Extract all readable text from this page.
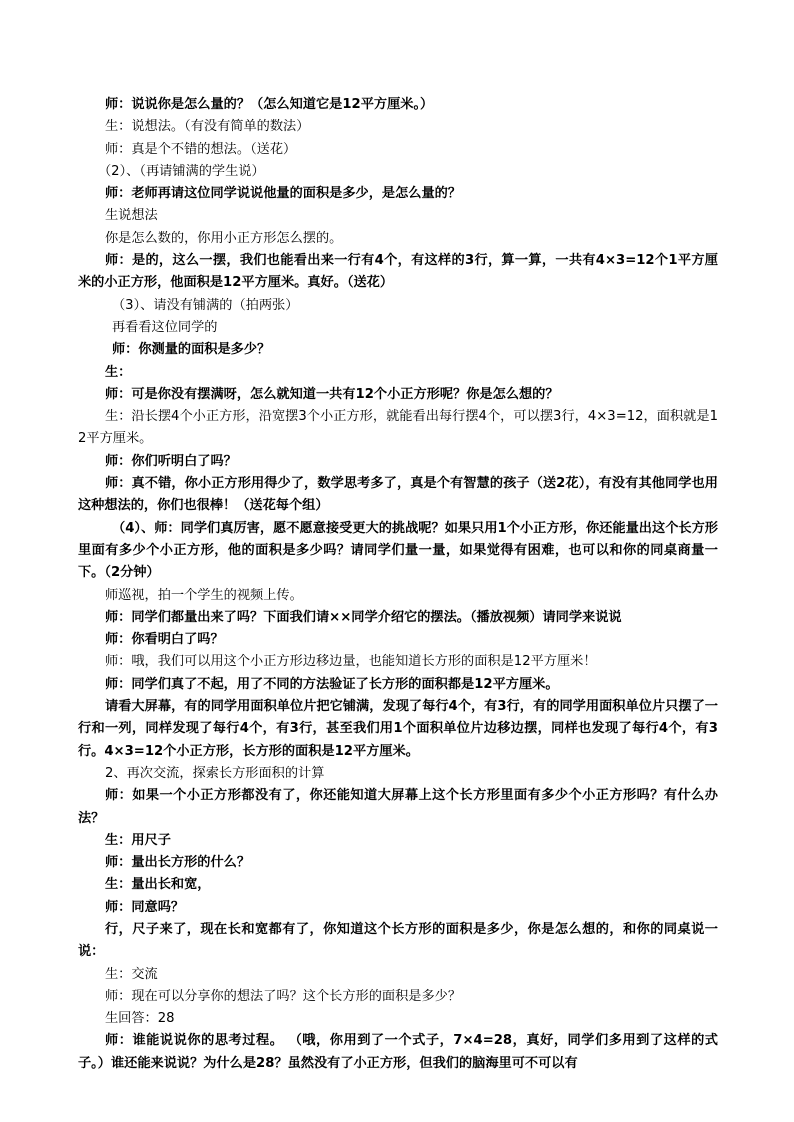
师：说说你是怎么量的？（怎么知道它是12平方厘米。）

生：说想法。（有没有简单的数法）

师：真是个不错的想法。（送花）

（2）、（再请铺满的学生说）

师：老师再请这位同学说说他量的面积是多少，是怎么量的？

生说想法

你是怎么数的，你用小正方形怎么摆的。

师：是的，这么一摆，我们也能看出来一行有4个，有这样的3行，算一算，一共有4×3=12个1平方厘米的小正方形，他面积是12平方厘米。真好。（送花）

（3）、请没有铺满的（拍两张）

再看看这位同学的

师：你测量的面积是多少？

生：

师：可是你没有摆满呀，怎么就知道一共有12个小正方形呢？你是怎么想的？

生：沿长摆4个小正方形，沿宽摆3个小正方形，就能看出每行摆4个，可以摆3行，4×3=12，面积就是12平方厘米。

师：你们听明白了吗？

师：真不错，你小正方形用得少了，数学思考多了，真是个有智慧的孩子（送2花），有没有其他同学也用这种想法的，你们也很棒！（送花每个组）

（4）、师：同学们真厉害，愿不愿意接受更大的挑战呢？如果只用1个小正方形，你还能量出这个长方形里面有多少个小正方形，他的面积是多少吗？请同学们量一量，如果觉得有困难，也可以和你的同桌商量一下。（2分钟）

师巡视，拍一个学生的视频上传。

师：同学们都量出来了吗？下面我们请××同学介绍它的摆法。（播放视频）请同学来说说

师：你看明白了吗？

师：哦，我们可以用这个小正方形边移边量，也能知道长方形的面积是12平方厘米！

师：同学们真了不起，用了不同的方法验证了长方形的面积都是12平方厘米。

请看大屏幕，有的同学用面积单位片把它铺满，发现了每行4个，有3行，有的同学用面积单位片只摆了一行和一列，同样发现了每行4个，有3行，甚至我们用1个面积单位片边移边摆，同样也发现了每行4个，有3行。4×3=12个小正方形，长方形的面积是12平方厘米。

2、再次交流，探索长方形面积的计算

师：如果一个小正方形都没有了，你还能知道大屏幕上这个长方形里面有多少个小正方形吗？有什么办法？

生：用尺子

师：量出长方形的什么？

生：量出长和宽，

师：同意吗？

行，尺子来了，现在长和宽都有了，你知道这个长方形的面积是多少，你是怎么想的，和你的同桌说一说：

生：交流

师：现在可以分享你的想法了吗？这个长方形的面积是多少？

生回答：28

师：谁能说说你的思考过程。 （哦，你用到了一个式子，7×4=28，真好，同学们多用到了这样的式子。）谁还能来说说？为什么是28？虽然没有了小正方形，但我们的脑海里可不可以有
